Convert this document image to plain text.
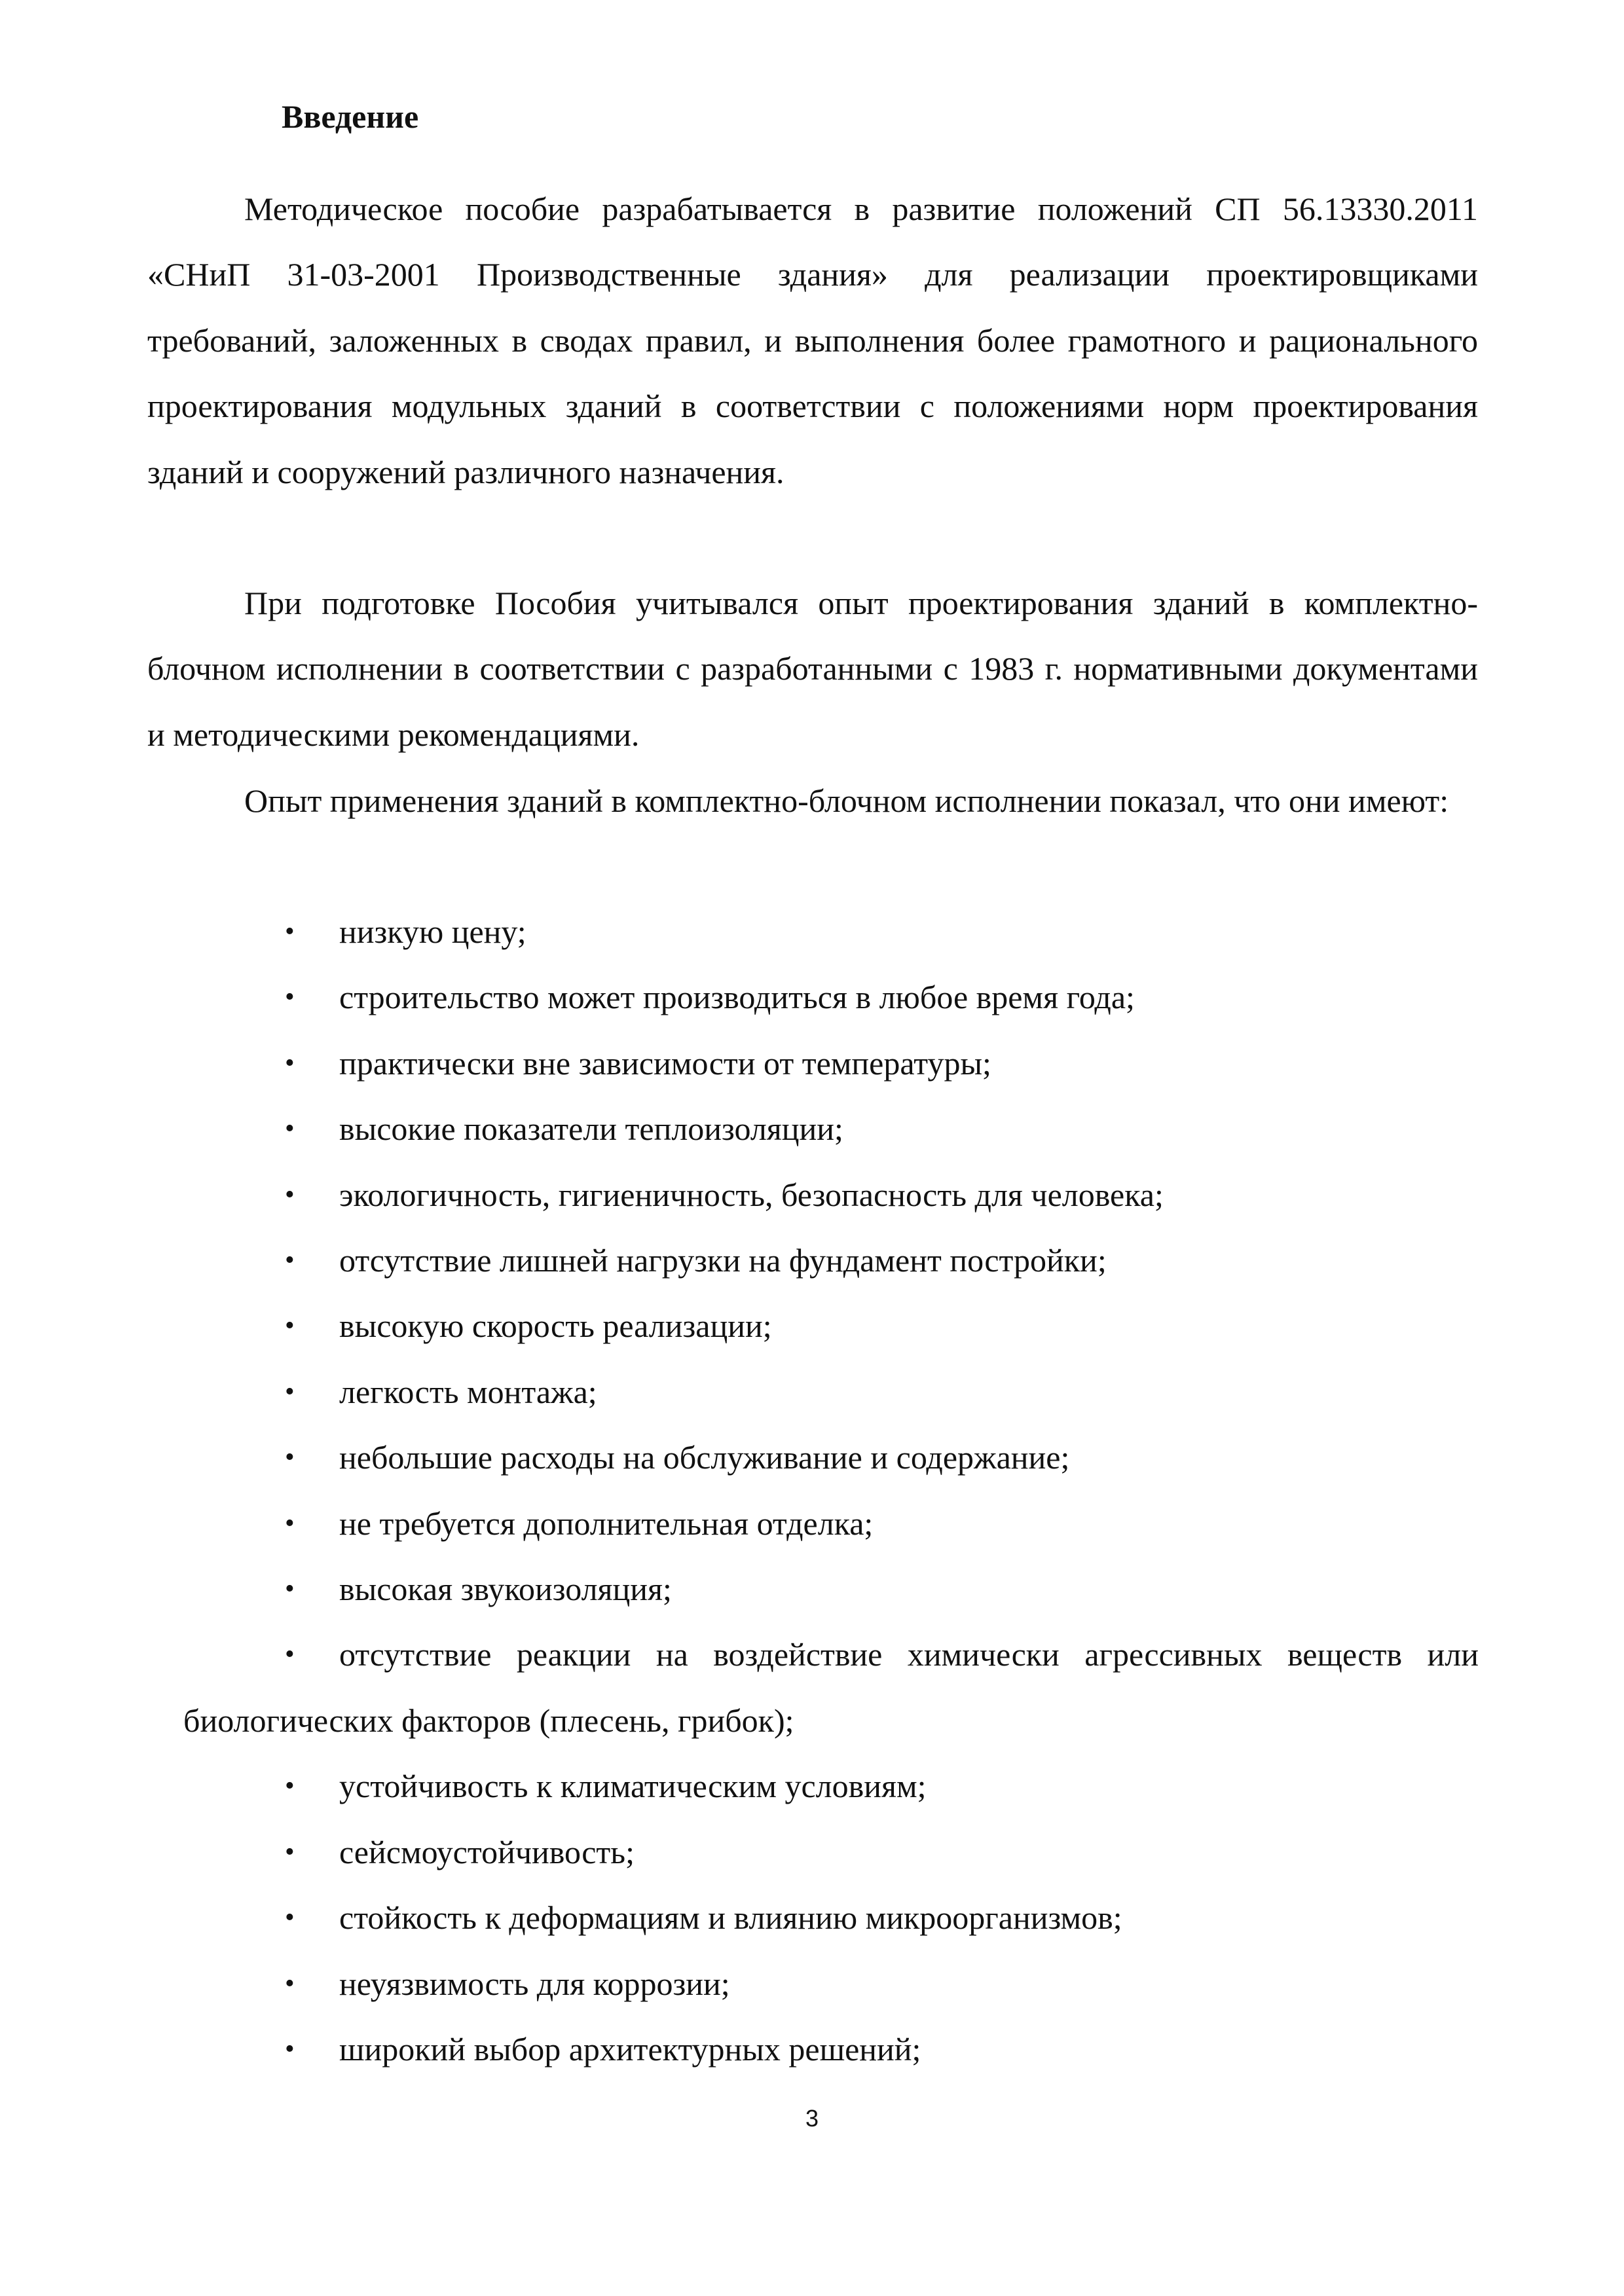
Введение

Методическое пособие разрабатывается в развитие положений СП 56.13330.2011 «СНиП 31-03-2001 Производственные здания» для реализации проектировщиками требований, заложенных в сводах правил, и выполнения более грамотного и рационального проектирования модульных зданий в соответствии с положениями норм проектирования зданий и сооружений различного назначения.

При подготовке Пособия учитывался опыт проектирования зданий в комплектно-блочном исполнении в соответствии с разработанными с 1983 г. нормативными документами и методическими рекомендациями.

Опыт применения зданий в комплектно-блочном исполнении показал, что они имеют:

• низкую цену;
• строительство может производиться в любое время года;
• практически вне зависимости от температуры;
• высокие показатели теплоизоляции;
• экологичность, гигиеничность, безопасность для человека;
• отсутствие лишней нагрузки на фундамент постройки;
• высокую скорость реализации;
• легкость монтажа;
• небольшие расходы на обслуживание и содержание;
• не требуется дополнительная отделка;
• высокая звукоизоляция;
•	отсутствие реакции на воздействие химически агрессивных веществ или биологических факторов (плесень, грибок);
• устойчивость к климатическим условиям;
• сейсмоустойчивость;
• стойкость к деформациям и влиянию микроорганизмов;
• неуязвимость для коррозии;
• широкий выбор архитектурных решений;
3
